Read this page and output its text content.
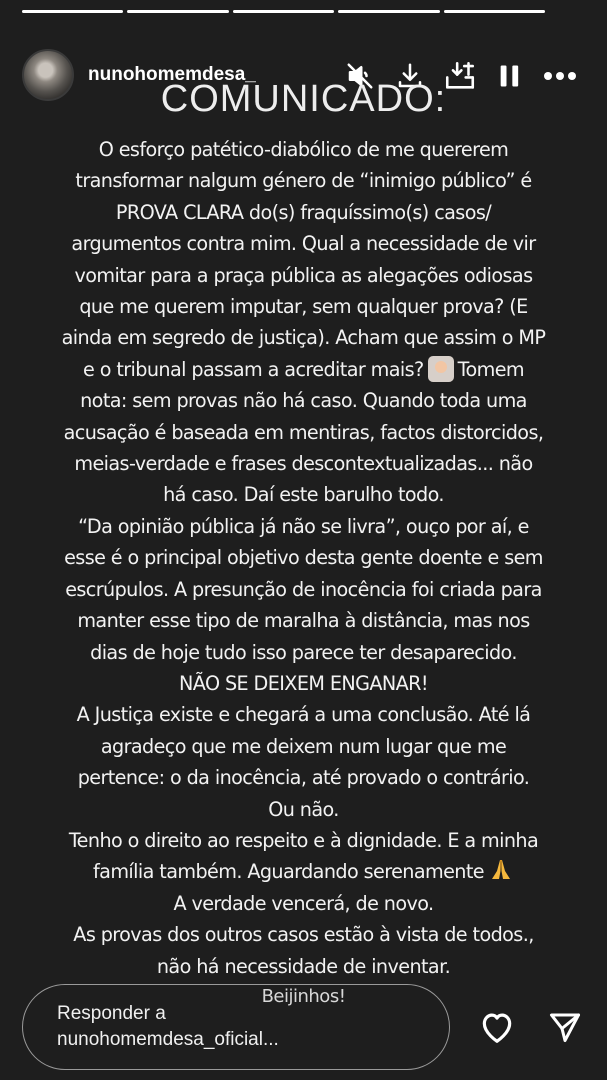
nunohomemdesa_
COMUNICADO:
O esforço patético-diabólico de me quererem
transformar nalgum género de “inimigo público” é
PROVA CLARA do(s) fraquíssimo(s) casos/
argumentos contra mim. Qual a necessidade de vir
vomitar para a praça pública as alegações odiosas
que me querem imputar, sem qualquer prova? (E
ainda em segredo de justiça). Acham que assim o MP
e o tribunal passam a acreditar mais? Tomem
nota: sem provas não há caso. Quando toda uma
acusação é baseada em mentiras, factos distorcidos,
meias-verdade e frases descontextualizadas... não
há caso. Daí este barulho todo.
“Da opinião pública já não se livra”, ouço por aí, e
esse é o principal objetivo desta gente doente e sem
escrúpulos. A presunção de inocência foi criada para
manter esse tipo de maralha à distância, mas nos
dias de hoje tudo isso parece ter desaparecido.
NÃO SE DEIXEM ENGANAR!
A Justiça existe e chegará a uma conclusão. Até lá
agradeço que me deixem num lugar que me
pertence: o da inocência, até provado o contrário.
Ou não.
Tenho o direito ao respeito e à dignidade. E a minha
família também. Aguardando serenamente
A verdade vencerá, de novo.
As provas dos outros casos estão à vista de todos.,
não há necessidade de inventar.
Beijinhos!
Responder a
nunohomemdesa_oficial...
